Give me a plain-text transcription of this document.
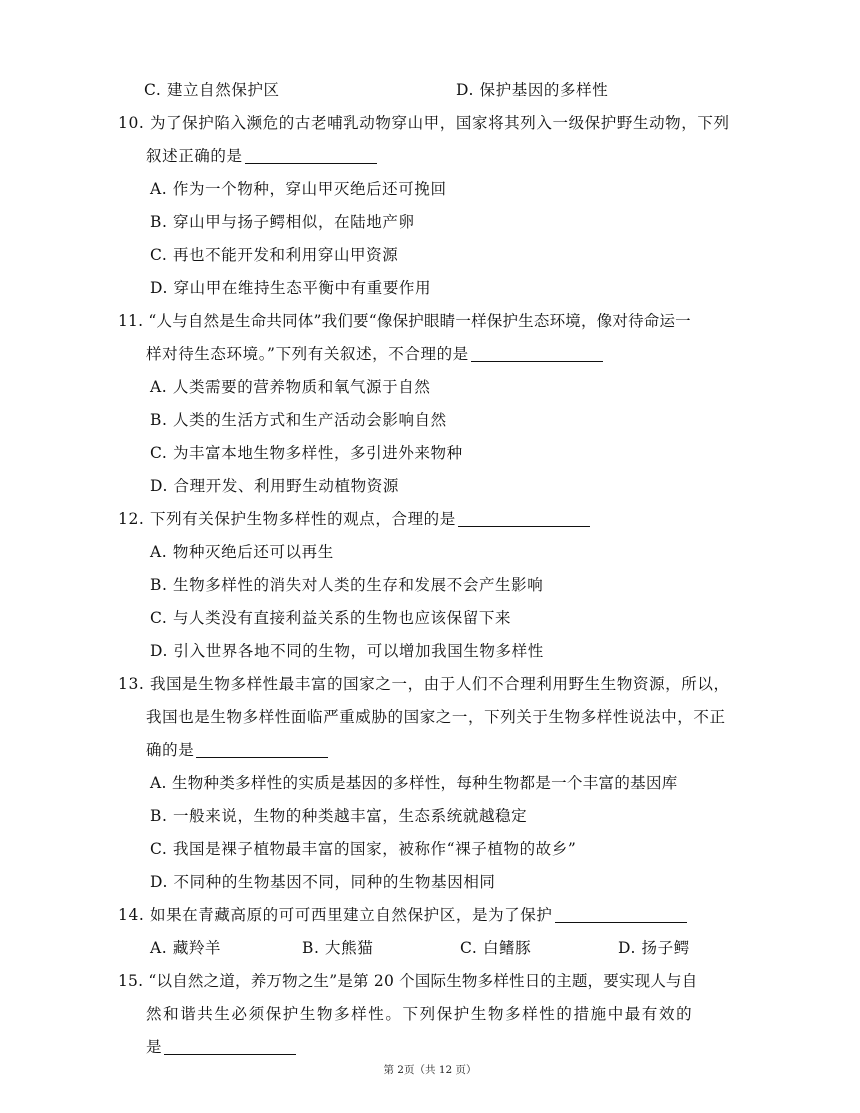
C. 建立自然保护区	D. 保护基因的多样性
10. 为了保护陷入濒危的古老哺乳动物穿山甲，国家将其列入一级保护野生动物，下列
叙述正确的是
A. 作为一个物种，穿山甲灭绝后还可挽回
B. 穿山甲与扬子鳄相似，在陆地产卵
C. 再也不能开发和利用穿山甲资源
D. 穿山甲在维持生态平衡中有重要作用
11. “人与自然是生命共同体”我们要“像保护眼睛一样保护生态环境，像对待命运一
样对待生态环境。”下列有关叙述，不合理的是
A. 人类需要的营养物质和氧气源于自然
B. 人类的生活方式和生产活动会影响自然
C. 为丰富本地生物多样性，多引进外来物种
D. 合理开发、利用野生动植物资源
12. 下列有关保护生物多样性的观点，合理的是
A. 物种灭绝后还可以再生
B. 生物多样性的消失对人类的生存和发展不会产生影响
C. 与人类没有直接利益关系的生物也应该保留下来
D. 引入世界各地不同的生物，可以增加我国生物多样性
13. 我国是生物多样性最丰富的国家之一，由于人们不合理利用野生生物资源，所以，
我国也是生物多样性面临严重威胁的国家之一，下列关于生物多样性说法中，不正
确的是
A. 生物种类多样性的实质是基因的多样性，每种生物都是一个丰富的基因库
B. 一般来说，生物的种类越丰富，生态系统就越稳定
C. 我国是裸子植物最丰富的国家，被称作“裸子植物的故乡”
D. 不同种的生物基因不同，同种的生物基因相同
14. 如果在青藏高原的可可西里建立自然保护区，是为了保护
A. 藏羚羊	B. 大熊猫	C. 白鳍豚	D. 扬子鳄
15. “以自然之道，养万物之生”是第 20 个国际生物多样性日的主题，要实现人与自
然和谐共生必须保护生物多样性。下列保护生物多样性的措施中最有效的
是
第 2页（共 12 页）
